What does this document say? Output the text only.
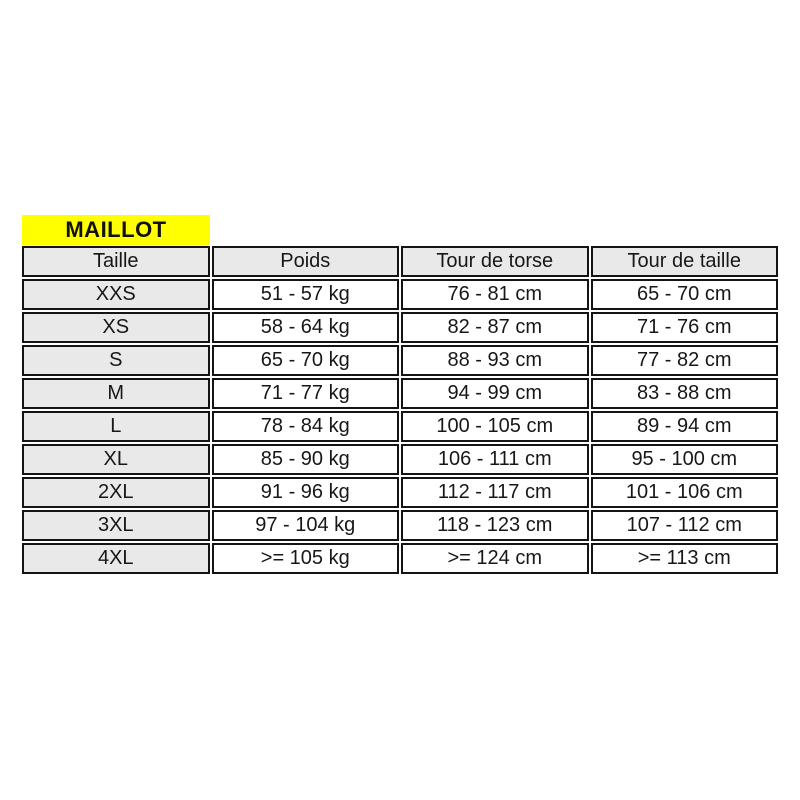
MAILLOT
Taille	Poids	Tour de torse	Tour de taille
XXS	51 - 57 kg	76 - 81 cm	65 - 70 cm
XS	58 - 64 kg	82 - 87 cm	71 - 76 cm
S	65 - 70 kg	88 - 93 cm	77 - 82 cm
M	71 - 77 kg	94 - 99 cm	83 - 88 cm
L	78 - 84 kg	100 - 105 cm	89 - 94 cm
XL	85 - 90 kg	106 - 111 cm	95 - 100 cm
2XL	91 - 96 kg	112 - 117 cm	101 - 106 cm
3XL	97 - 104 kg	118 - 123 cm	107 - 112 cm
4XL	>= 105 kg	>= 124 cm	>= 113 cm
